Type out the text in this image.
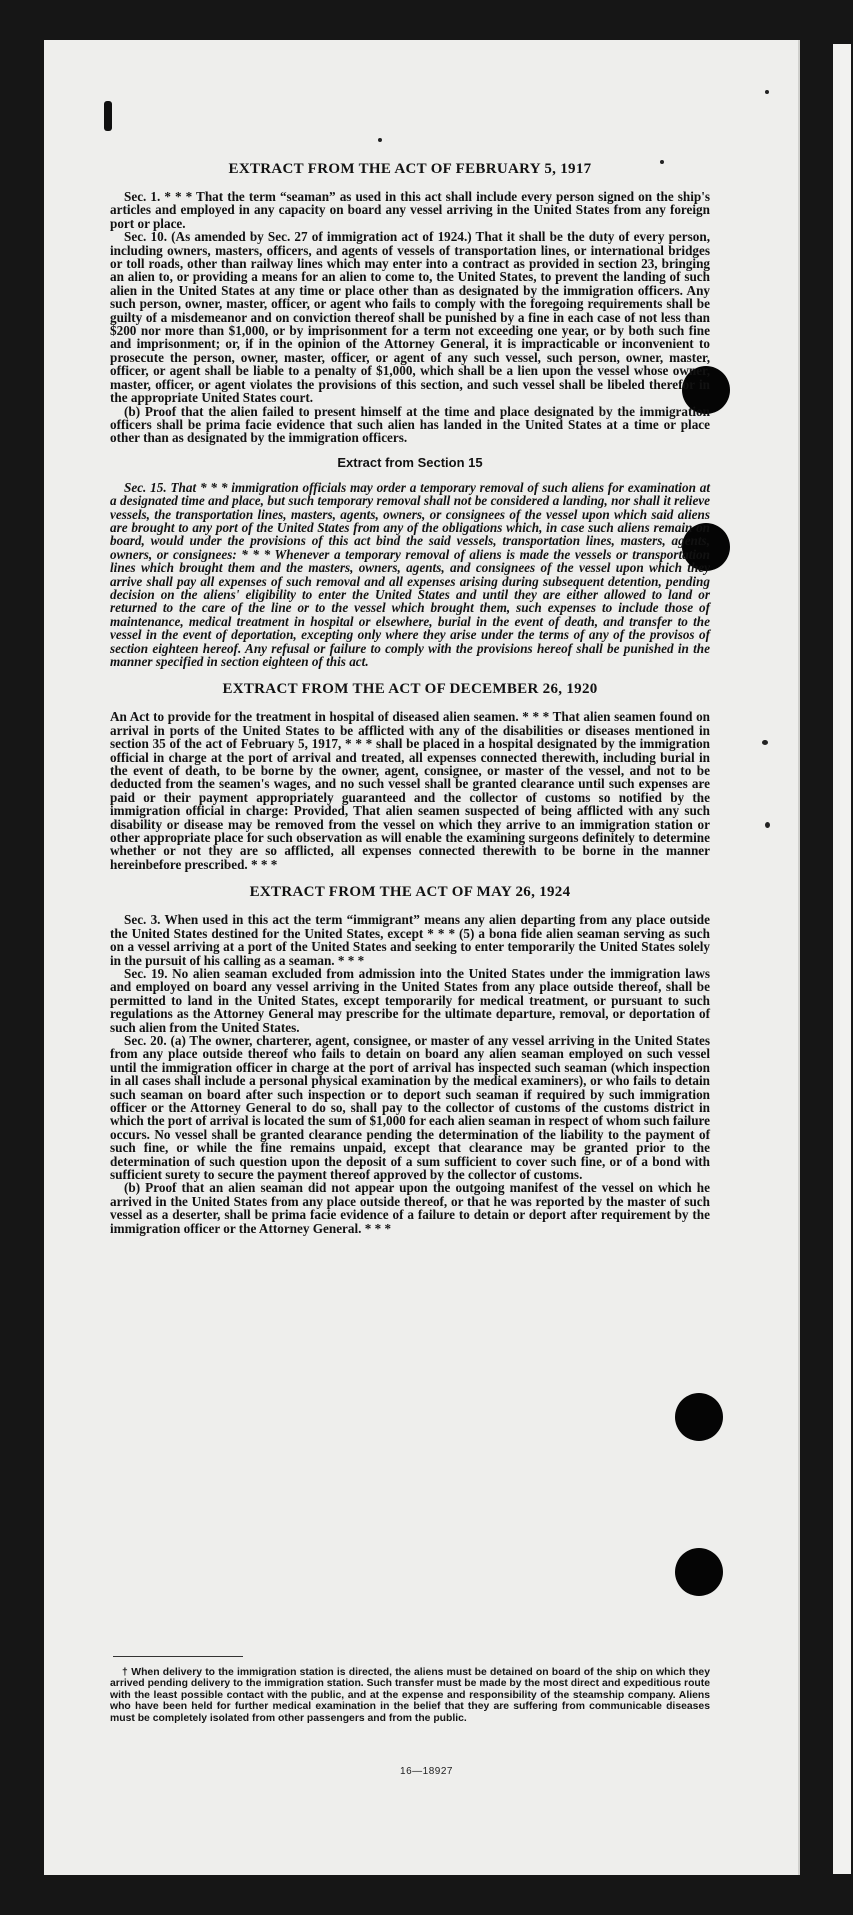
EXTRACT FROM THE ACT OF FEBRUARY 5, 1917

Sec. 1. * * * That the term “seaman” as used in this act shall include every person signed on the ship's articles and employed in any capacity on board any vessel arriving in the United States from any foreign port or place.

Sec. 10. (As amended by Sec. 27 of immigration act of 1924.) That it shall be the duty of every person, including owners, masters, officers, and agents of vessels of transportation lines, or international bridges or toll roads, other than railway lines which may enter into a contract as provided in section 23, bringing an alien to, or providing a means for an alien to come to, the United States, to prevent the landing of such alien in the United States at any time or place other than as designated by the immigration officers. Any such person, owner, master, officer, or agent who fails to comply with the foregoing requirements shall be guilty of a misdemeanor and on conviction thereof shall be punished by a fine in each case of not less than $200 nor more than $1,000, or by imprisonment for a term not exceeding one year, or by both such fine and imprisonment; or, if in the opinion of the Attorney General, it is impracticable or inconvenient to prosecute the person, owner, master, officer, or agent of any such vessel, such person, owner, master, officer, or agent shall be liable to a penalty of $1,000, which shall be a lien upon the vessel whose owner, master, officer, or agent violates the provisions of this section, and such vessel shall be libeled therefor in the appropriate United States court.

(b) Proof that the alien failed to present himself at the time and place designated by the immigration officers shall be prima facie evidence that such alien has landed in the United States at a time or place other than as designated by the immigration officers.

Extract from Section 15

Sec. 15. That * * * immigration officials may order a temporary removal of such aliens for examination at a designated time and place, but such temporary removal shall not be considered a landing, nor shall it relieve vessels, the transportation lines, masters, agents, owners, or consignees of the vessel upon which said aliens are brought to any port of the United States from any of the obligations which, in case such aliens remain on board, would under the provisions of this act bind the said vessels, transportation lines, masters, agents, owners, or consignees: * * * Whenever a temporary removal of aliens is made the vessels or transportation lines which brought them and the masters, owners, agents, and consignees of the vessel upon which they arrive shall pay all expenses of such removal and all expenses arising during subsequent detention, pending decision on the aliens' eligibility to enter the United States and until they are either allowed to land or returned to the care of the line or to the vessel which brought them, such expenses to include those of maintenance, medical treatment in hospital or elsewhere, burial in the event of death, and transfer to the vessel in the event of deportation, excepting only where they arise under the terms of any of the provisos of section eighteen hereof. Any refusal or failure to comply with the provisions hereof shall be punished in the manner specified in section eighteen of this act.

EXTRACT FROM THE ACT OF DECEMBER 26, 1920

An Act to provide for the treatment in hospital of diseased alien seamen. * * * That alien seamen found on arrival in ports of the United States to be afflicted with any of the disabilities or diseases mentioned in section 35 of the act of February 5, 1917, * * * shall be placed in a hospital designated by the immigration official in charge at the port of arrival and treated, all expenses connected therewith, including burial in the event of death, to be borne by the owner, agent, consignee, or master of the vessel, and not to be deducted from the seamen's wages, and no such vessel shall be granted clearance until such expenses are paid or their payment appropriately guaranteed and the collector of customs so notified by the immigration official in charge: Provided, That alien seamen suspected of being afflicted with any such disability or disease may be removed from the vessel on which they arrive to an immigration station or other appropriate place for such observation as will enable the examining surgeons definitely to determine whether or not they are so afflicted, all expenses connected therewith to be borne in the manner hereinbefore prescribed. * * *

EXTRACT FROM THE ACT OF MAY 26, 1924

Sec. 3. When used in this act the term “immigrant” means any alien departing from any place outside the United States destined for the United States, except * * * (5) a bona fide alien seaman serving as such on a vessel arriving at a port of the United States and seeking to enter temporarily the United States solely in the pursuit of his calling as a seaman. * * *

Sec. 19. No alien seaman excluded from admission into the United States under the immigration laws and employed on board any vessel arriving in the United States from any place outside thereof, shall be permitted to land in the United States, except temporarily for medical treatment, or pursuant to such regulations as the Attorney General may prescribe for the ultimate departure, removal, or deportation of such alien from the United States.

Sec. 20. (a) The owner, charterer, agent, consignee, or master of any vessel arriving in the United States from any place outside thereof who fails to detain on board any alien seaman employed on such vessel until the immigration officer in charge at the port of arrival has inspected such seaman (which inspection in all cases shall include a personal physical examination by the medical examiners), or who fails to detain such seaman on board after such inspection or to deport such seaman if required by such immigration officer or the Attorney General to do so, shall pay to the collector of customs of the customs district in which the port of arrival is located the sum of $1,000 for each alien seaman in respect of whom such failure occurs. No vessel shall be granted clearance pending the determination of the liability to the payment of such fine, or while the fine remains unpaid, except that clearance may be granted prior to the determination of such question upon the deposit of a sum sufficient to cover such fine, or of a bond with sufficient surety to secure the payment thereof approved by the collector of customs.

(b) Proof that an alien seaman did not appear upon the outgoing manifest of the vessel on which he arrived in the United States from any place outside thereof, or that he was reported by the master of such vessel as a deserter, shall be prima facie evidence of a failure to detain or deport after requirement by the immigration officer or the Attorney General. * * *

† When delivery to the immigration station is directed, the aliens must be detained on board of the ship on which they arrived pending delivery to the immigration station. Such transfer must be made by the most direct and expeditious route with the least possible contact with the public, and at the expense and responsibility of the steamship company. Aliens who have been held for further medical examination in the belief that they are suffering from communicable diseases must be completely isolated from other passengers and from the public.
16—18927
